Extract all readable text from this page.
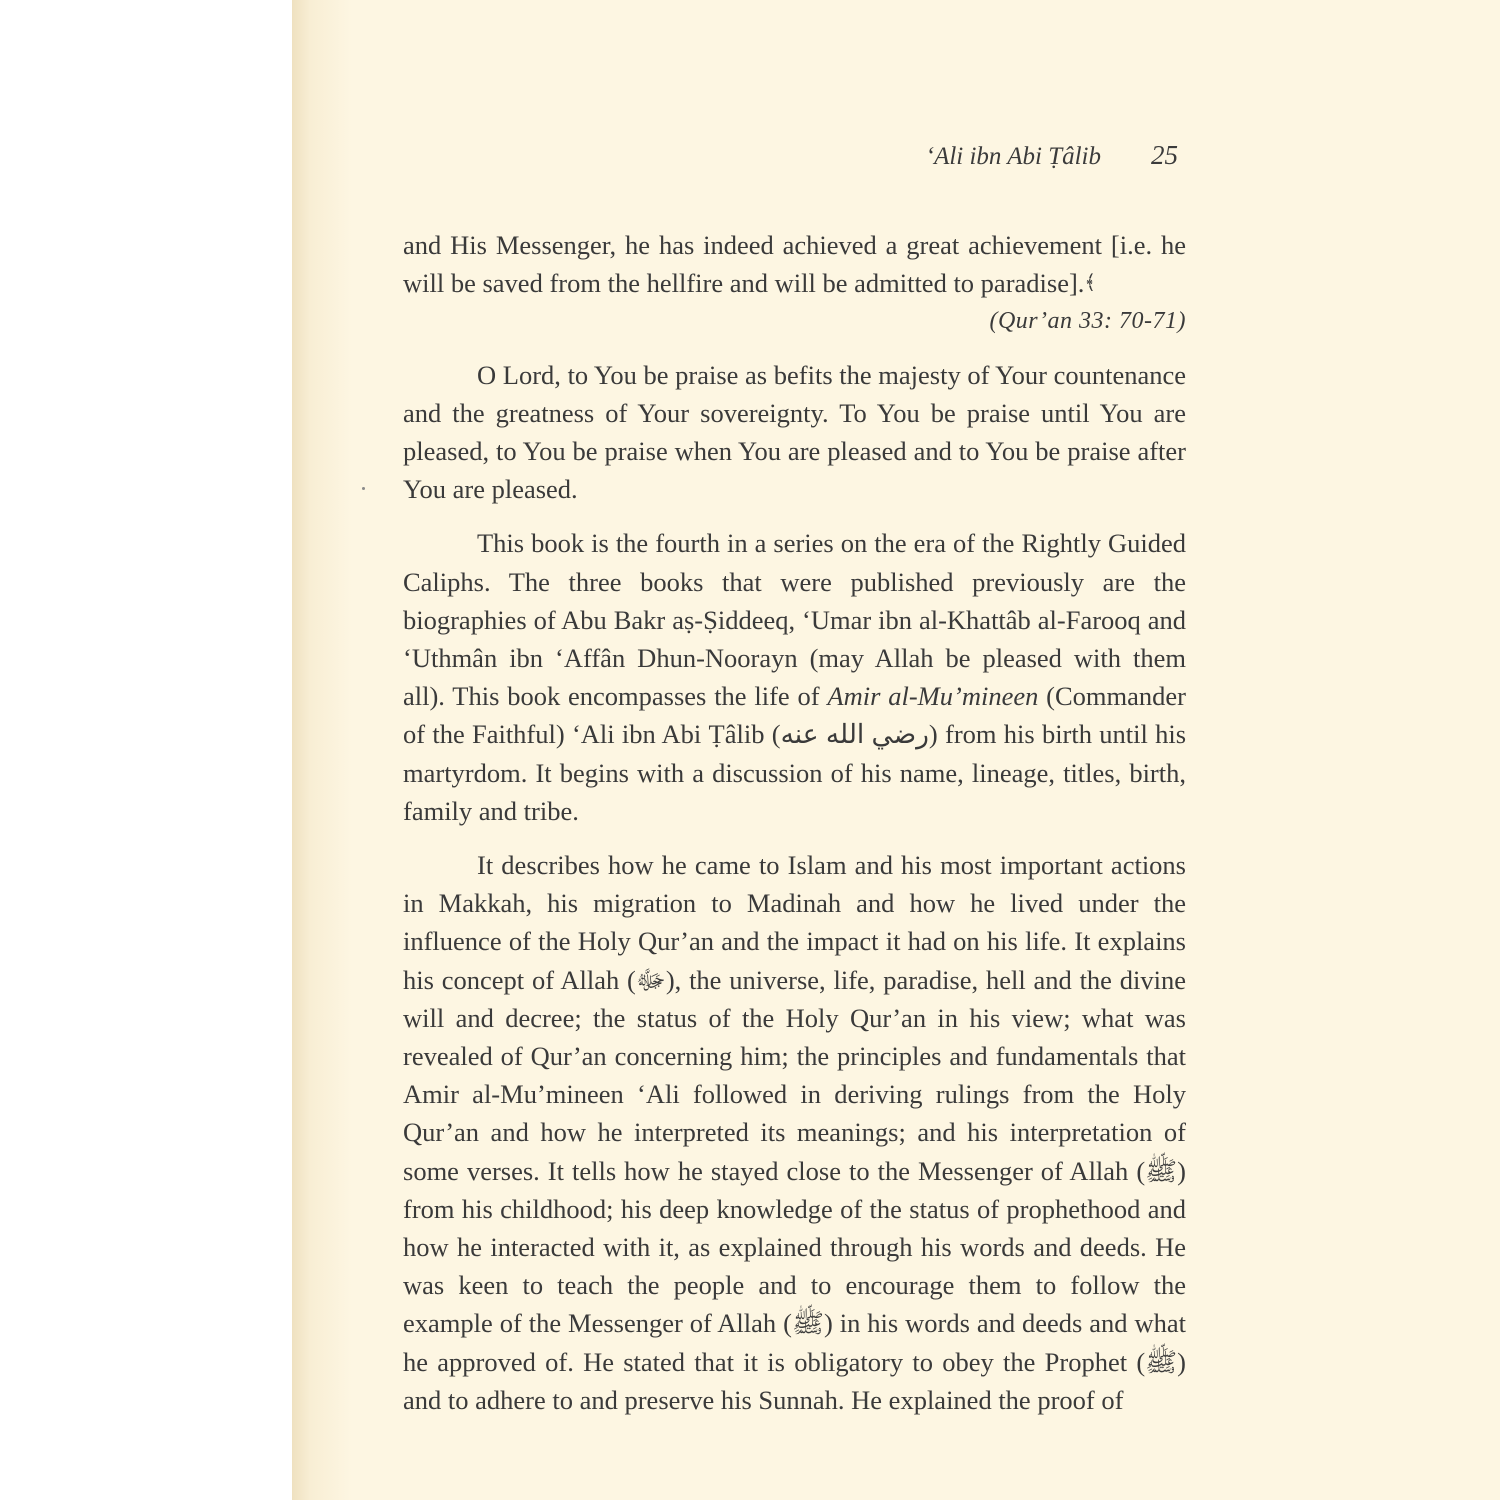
‘Ali ibn Abi Ṭâlib 25

and His Messenger, he has indeed achieved a great achievement [i.e. he will be saved from the hellfire and will be admitted to paradise].﴾

(Qur’an 33: 70-71)

O Lord, to You be praise as befits the majesty of Your countenance and the greatness of Your sovereignty. To You be praise until You are pleased, to You be praise when You are pleased and to You be praise after You are pleased.

This book is the fourth in a series on the era of the Rightly Guided Caliphs. The three books that were published previously are the biographies of Abu Bakr aṣ-Ṣiddeeq, ‘Umar ibn al-Khattâb al-Farooq and ‘Uthmân ibn ‘Affân Dhun-Noorayn (may Allah be pleased with them all). This book encompasses the life of Amir al-Mu’mineen (Commander of the Faithful) ‘Ali ibn Abi Ṭâlib (رضي الله عنه) from his birth until his martyrdom. It begins with a discussion of his name, lineage, titles, birth, family and tribe.

It describes how he came to Islam and his most important actions in Makkah, his migration to Madinah and how he lived under the influence of the Holy Qur’an and the impact it had on his life. It explains his concept of Allah (ﷻ), the universe, life, paradise, hell and the divine will and decree; the status of the Holy Qur’an in his view; what was revealed of Qur’an concerning him; the principles and fundamentals that Amir al-Mu’mineen ‘Ali followed in deriving rulings from the Holy Qur’an and how he interpreted its meanings; and his interpretation of some verses. It tells how he stayed close to the Messenger of Allah (ﷺ) from his childhood; his deep knowledge of the status of prophethood and how he interacted with it, as explained through his words and deeds. He was keen to teach the people and to encourage them to follow the example of the Messenger of Allah (ﷺ) in his words and deeds and what he approved of. He stated that it is obligatory to obey the Prophet (ﷺ) and to adhere to and preserve his Sunnah. He explained the proof of
